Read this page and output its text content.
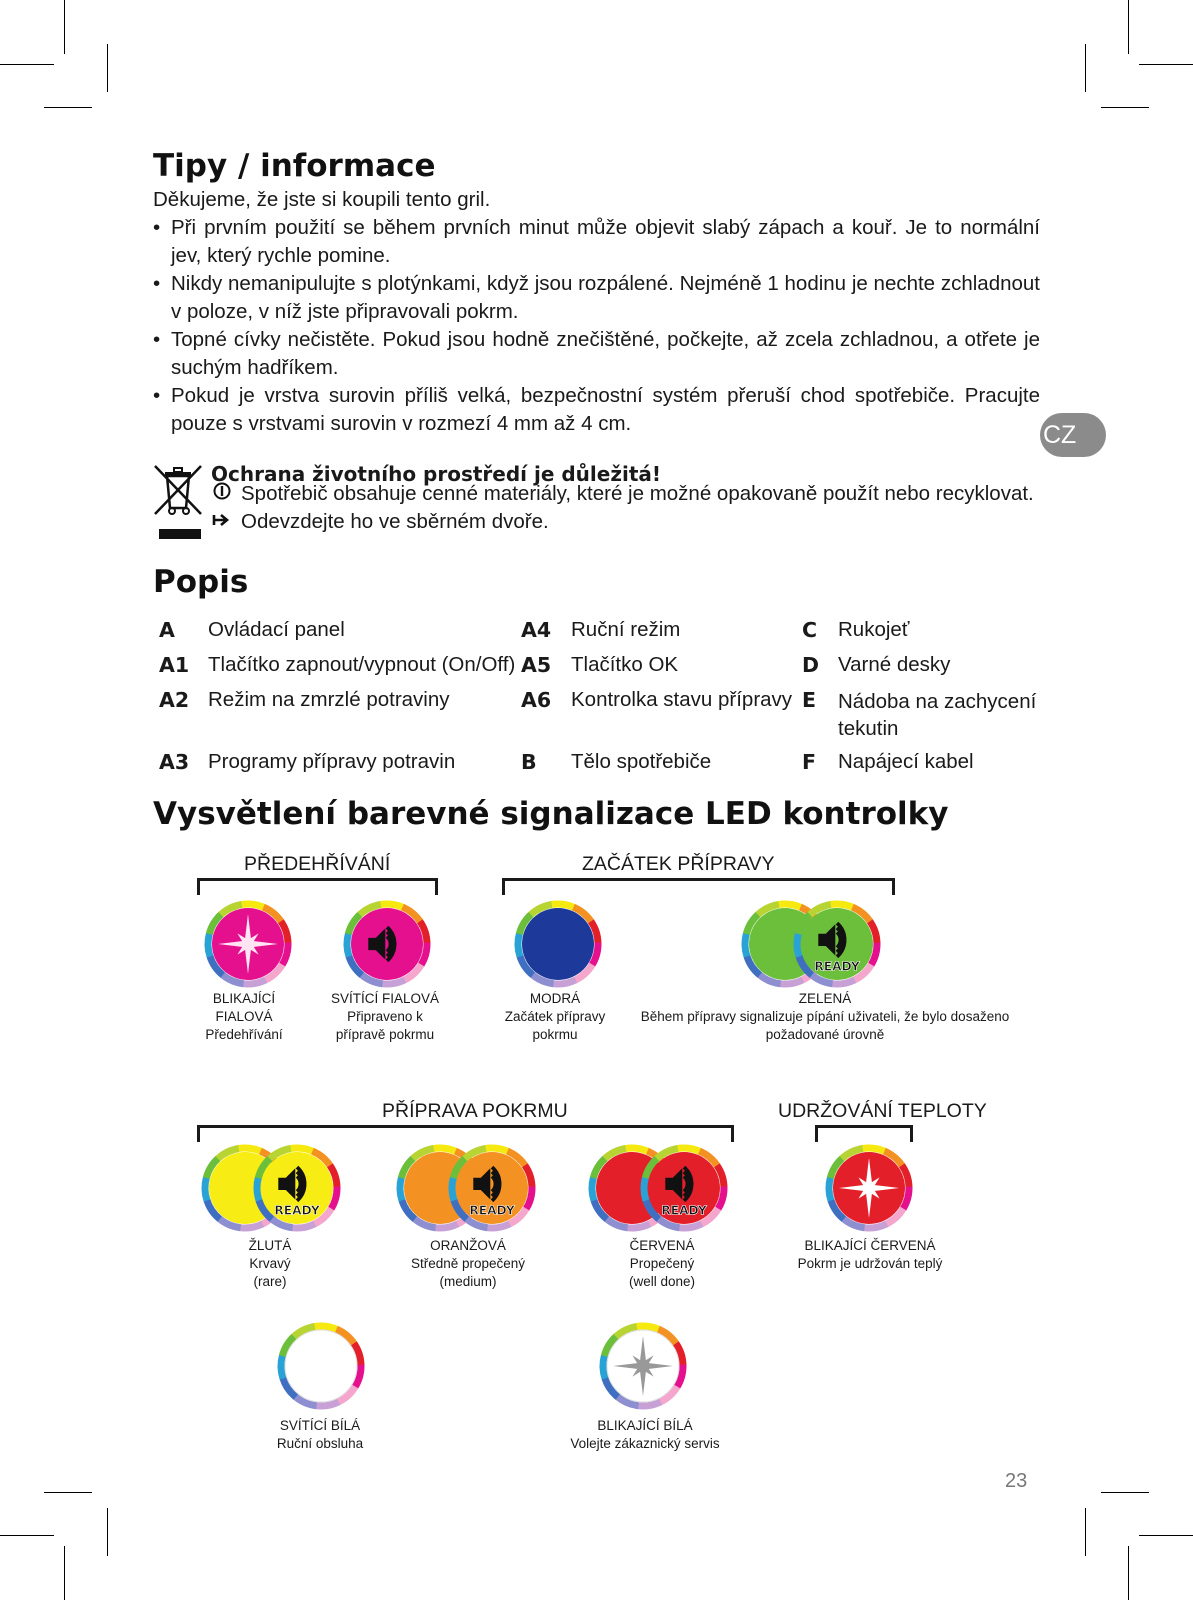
Tipy / informace

Děkujeme, že jste si koupili tento gril.

• Při prvním použití se během prvních minut může objevit slabý zápach a kouř. Je to normální jev, který rychle pomine.
• Nikdy nemanipulujte s plotýnkami, když jsou rozpálené. Nejméně 1 hodinu je nechte zchladnout v poloze, v níž jste připravovali pokrm.
• Topné cívky nečistěte. Pokud jsou hodně znečištěné, počkejte, až zcela zchladnou, a otřete je suchým hadříkem.
• Pokud je vrstva surovin příliš velká, bezpečnostní systém přeruší chod spotřebiče. Pracujte pouze s vrstvami surovin v rozmezí 4 mm až 4 cm.	CZ
Ochrana životního prostředí je důležitá!
Spotřebič obsahuje cenné materiály, které je možné opakovaně použít nebo recyklovat.
Odevzdejte ho ve sběrném dvoře.
Popis
A Ovládací panel
A1 Tlačítko zapnout/vypnout (On/Off)
A2 Režim na zmrzlé potraviny
A3 Programy přípravy potravin
A4 Ruční režim
A5 Tlačítko OK
A6 Kontrolka stavu přípravy
B Tělo spotřebiče
C Rukojeť
D Varné desky
E Nádoba na zachycení tekutin
F Napájecí kabel
Vysvětlení barevné signalizace LED kontrolky
PŘEDEHŘÍVÁNÍ	ZAČÁTEK PŘÍPRAVY
PŘÍPRAVA POKRMU	UDRŽOVÁNÍ TEPLOTY
READY
READY	READY	READY
BLIKAJÍCÍ
FIALOVÁ
Předehřívání
SVÍTÍCÍ FIALOVÁ
Připraveno k
přípravě pokrmu
MODRÁ
Začátek přípravy
pokrmu
ZELENÁ
Během přípravy signalizuje pípání uživateli, že bylo dosaženo
požadované úrovně
ŽLUTÁ
Krvavý
(rare)
ORANŽOVÁ
Středně propečený
(medium)
ČERVENÁ
Propečený
(well done)
BLIKAJÍCÍ ČERVENÁ
Pokrm je udržován teplý
SVÍTÍCÍ BÍLÁ
Ruční obsluha
BLIKAJÍCÍ BÍLÁ
Volejte zákaznický servis
23
